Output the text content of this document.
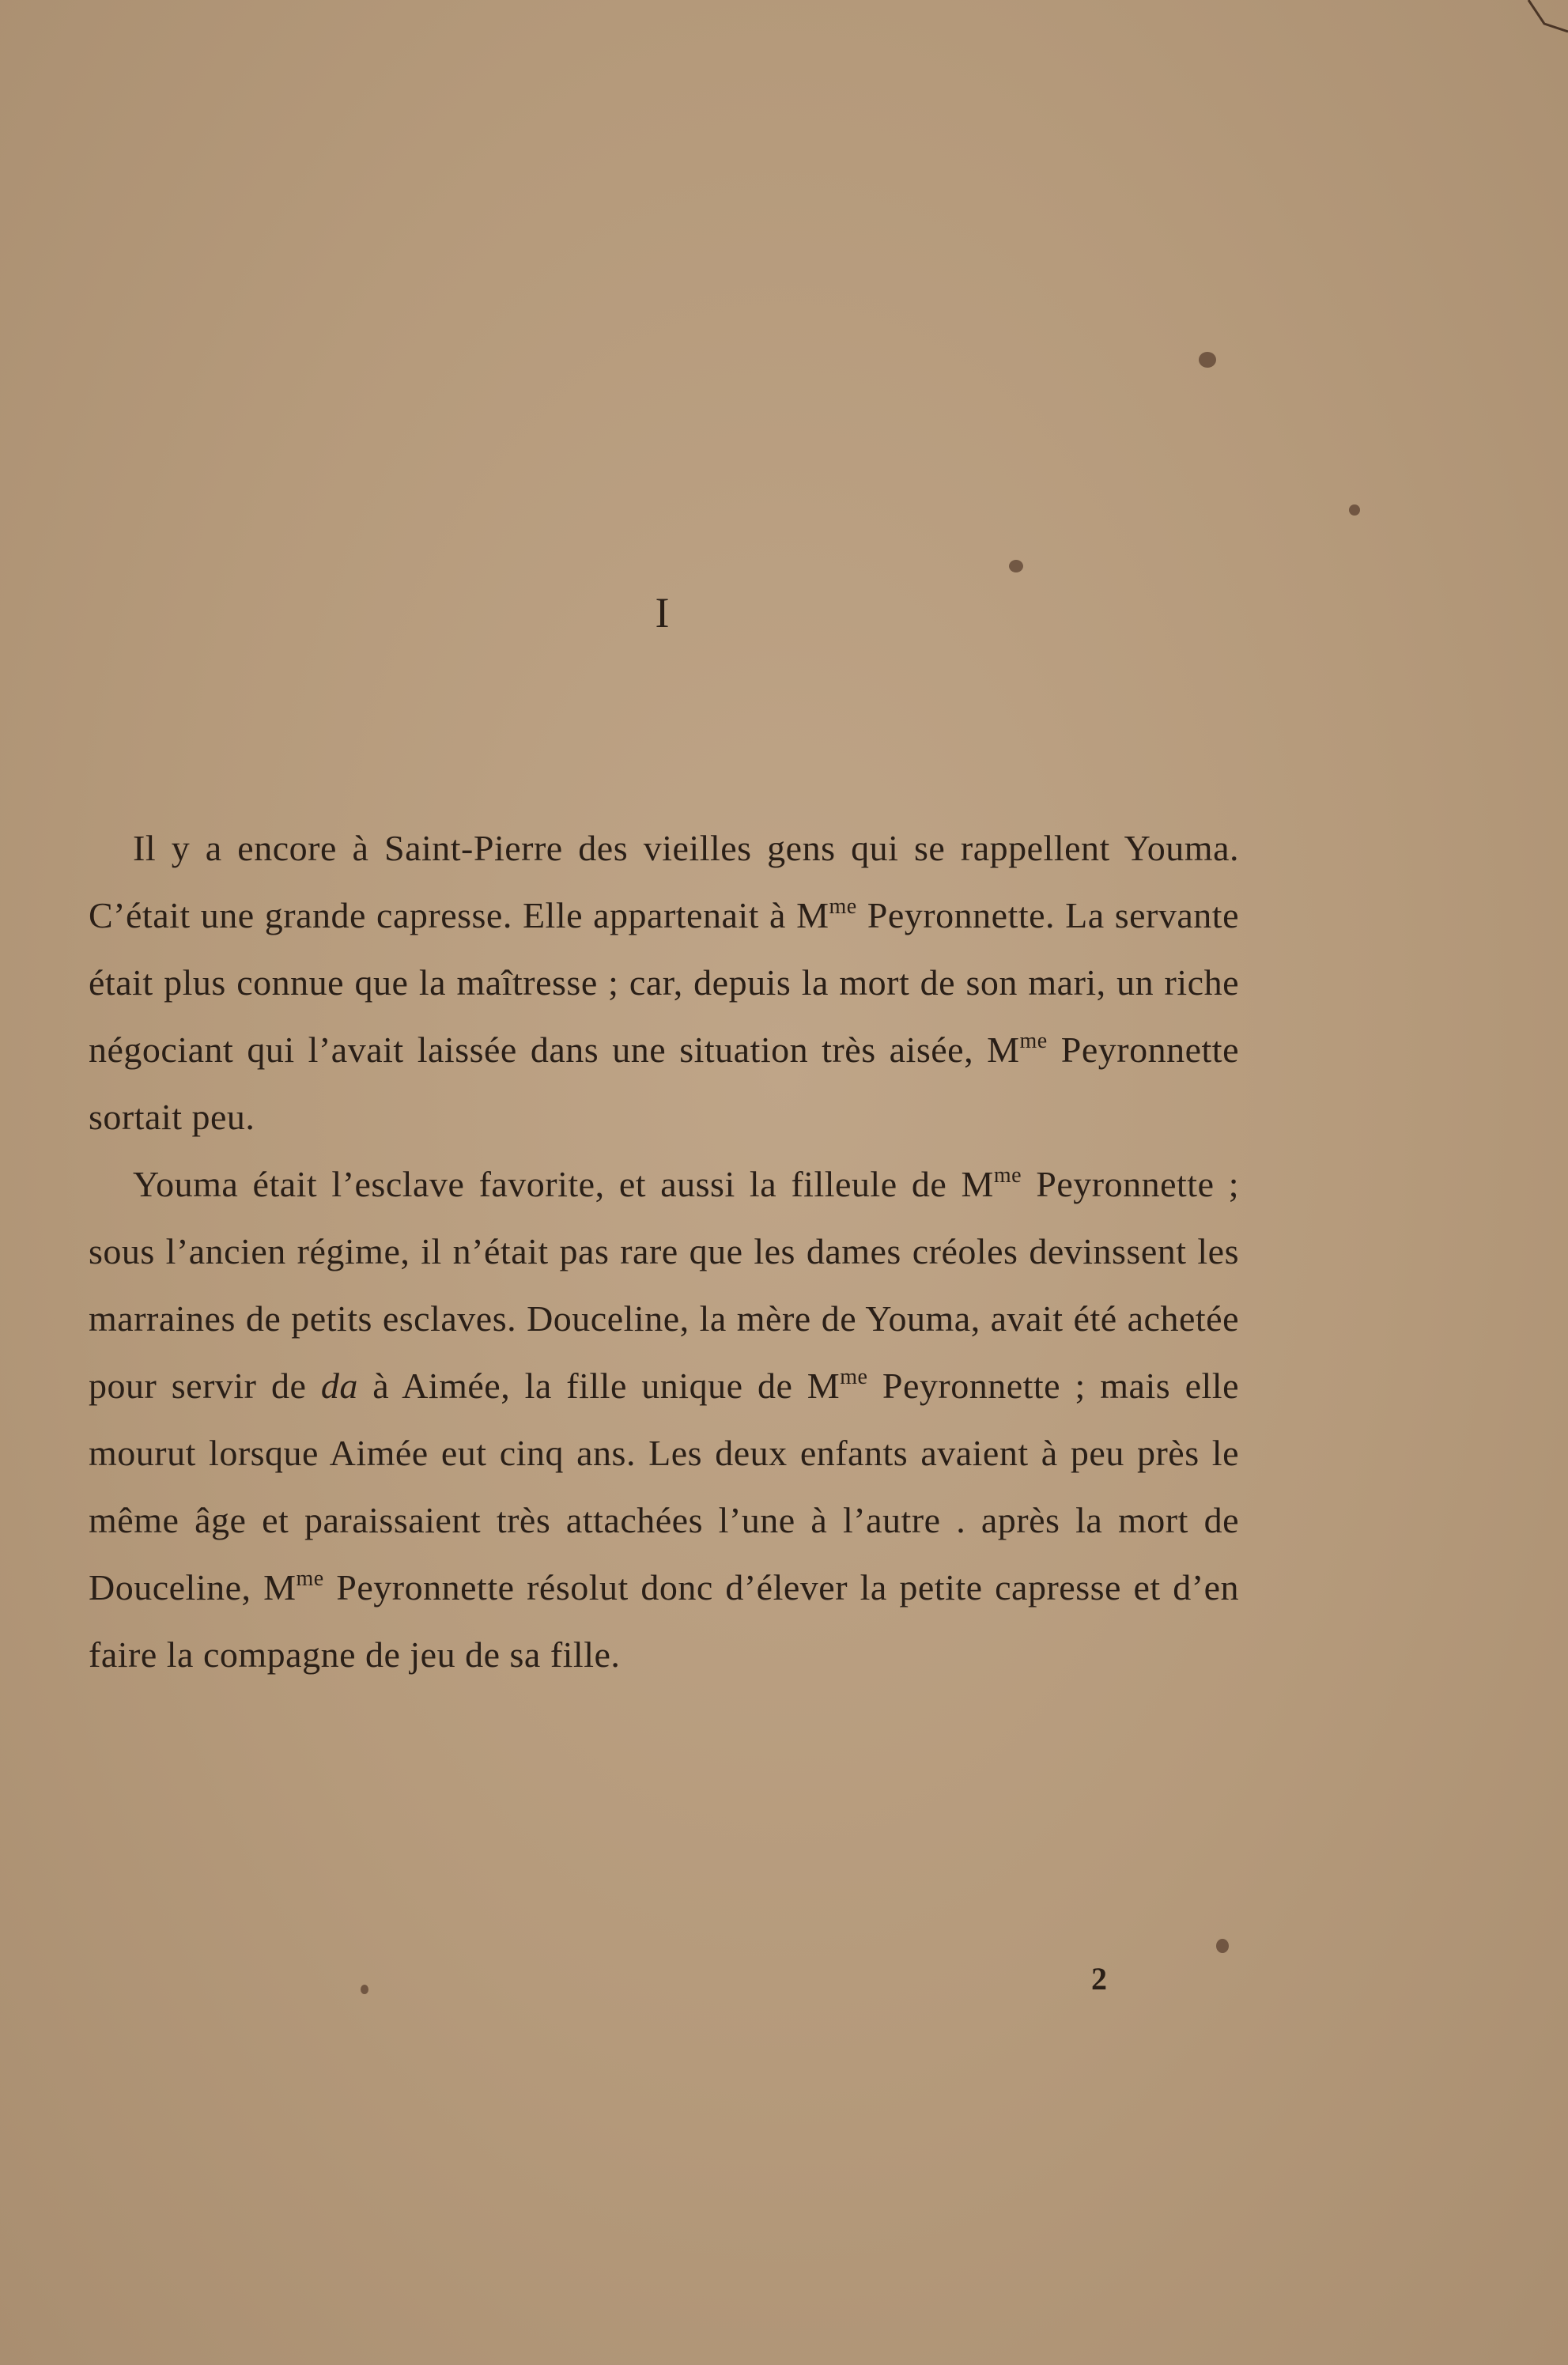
I

Il y a encore à Saint-Pierre des vieilles gens qui se rappellent Youma. C’était une grande capresse. Elle appartenait à $M^{me}$ Peyronnette. La servante était plus connue que la maîtresse ; car, depuis la mort de son mari, un riche négociant qui l’avait laissée dans une situation très aisée, $M^{me}$ Peyronnette sortait peu.

Youma était l’esclave favorite, et aussi la filleule de $M^{me}$ Peyronnette ; sous l’ancien régime, il n’était pas rare que les dames créoles devinssent les marraines de petits esclaves. Douceline, la mère de Youma, avait été achetée pour servir de da à Aimée, la fille unique de $M^{me}$ Peyronnette ; mais elle mourut lorsque Aimée eut cinq ans. Les deux enfants avaient à peu près le même âge et paraissaient très attachées l’une à l’autre . après la mort de Douceline, $M^{me}$ Peyronnette résolut donc d’élever la petite capresse et d’en faire la compagne de jeu de sa fille.

2
